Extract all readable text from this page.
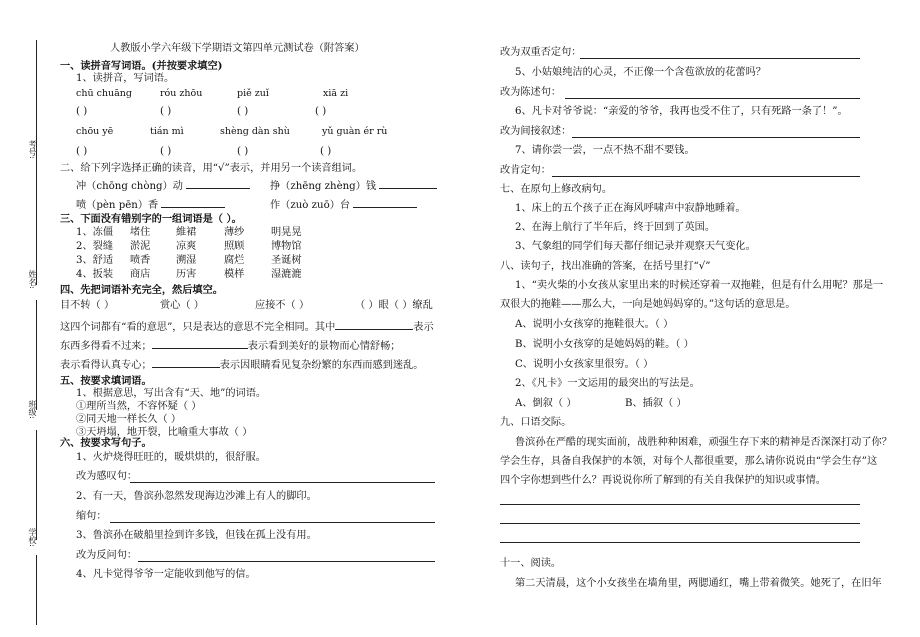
考号:
姓名:
班级:
学校:
人教版小学六年级下学期语文第四单元测试卷（附答案）
一、读拼音写词语。(并按要求填空)
1、读拼音，写词语。
chū chuāng	róu zhōu	piě zuǐ	xiā zi
( )	( )	( )	( )
chōu yē	tián mì	shèng dàn shù	yǔ guàn ér rù
( )	( )	( )	( )
二、给下列字选择正确的读音，用“√”表示，并用另一个读音组词。
冲（chōng chòng）动	挣（zhēng zhèng）钱
喷（pèn pēn）香	作（zuò zuō）台
三、下面没有错别字的一组词语是（ ）。
1、冻僵 堵住	維裙	薄纱	明晃晃
2、裂缝 淤泥	凉爽	照顾	博物馆
3、舒适 喷香	溯湿	腐烂	圣诞树
4、扳装 商店	历害	模样	湿漉漉
四、先把词语补充完全，然后填空。
目不转（ ）	赏心（ ）	应接不（ ）	（ ）眼（ ）缭乱
这四个词都有“看的意思”，只是表达的意思不完全相同。其中	表示
东西多得看不过来；	表示看到美好的景物而心情舒畅；
表示看得认真专心；	表示因眼睛看见复杂纷繁的东西而感到迷乱。
五、按要求填词语。
1、根据意思，写出含有“天、地”的词语。
①理所当然，不容怀疑（ ）
②同天地一样长久（ ）
③天坍塌，地开裂，比喻重大事故（ ）
六、按要求写句子。
1、火炉烧得旺旺的，暖烘烘的，很舒服。
改为感叹句：
2、有一天，鲁滨孙忽然发现海边沙滩上有人的脚印。
缩句：
3、鲁滨孙在破船里捡到许多钱，但钱在孤上没有用。
改为反问句：
4、凡卡觉得爷爷一定能收到他写的信。
改为双重否定句：
5、小姑娘纯洁的心灵，不正像一个含苞欲放的花蕾吗？
改为陈述句：
6、凡卡对爷爷说：“亲爱的爷爷，我再也受不住了，只有死路一条了！”。
改为间接叙述：
7、请你尝一尝，一点不热不甜不要钱。
改肯定句：
七、在原句上修改病句。
1、床上的五个孩子正在海风呼啸声中寂静地睡着。
2、在海上航行了半年后，终于回到了英国。
3、气象组的同学们每天都仔细记录并观察天气变化。
八、读句子，找出准确的答案，在括号里打“√”
1、“卖火柴的小女孩从家里出来的时候还穿着一双拖鞋，但是有什么用呢？那是一
双很大的拖鞋——那么大，一向是她妈妈穿的。”这句话的意思是。
A、说明小女孩穿的拖鞋很大。（ ）
B、说明小女孩穿的是她妈妈的鞋。（ ）
C、说明小女孩家里很穷。（ ）
2、《凡卡》一文运用的最突出的写法是。
A、倒叙（ ）	B、插叙（ ）
九、口语交际。
鲁滨孙在严酷的现实面前，战胜种种困难，顽强生存下来的精神是否深深打动了你？
学会生存，具备自我保护的本领，对每个人都很重要，那么请你说说由“学会生存”这
四个字你想到些什么？再说说你所了解到的有关自我保护的知识或事情。
十一、阅读。
第二天清晨，这个小女孩坐在墙角里，两腮通红，嘴上带着微笑。她死了，在旧年
